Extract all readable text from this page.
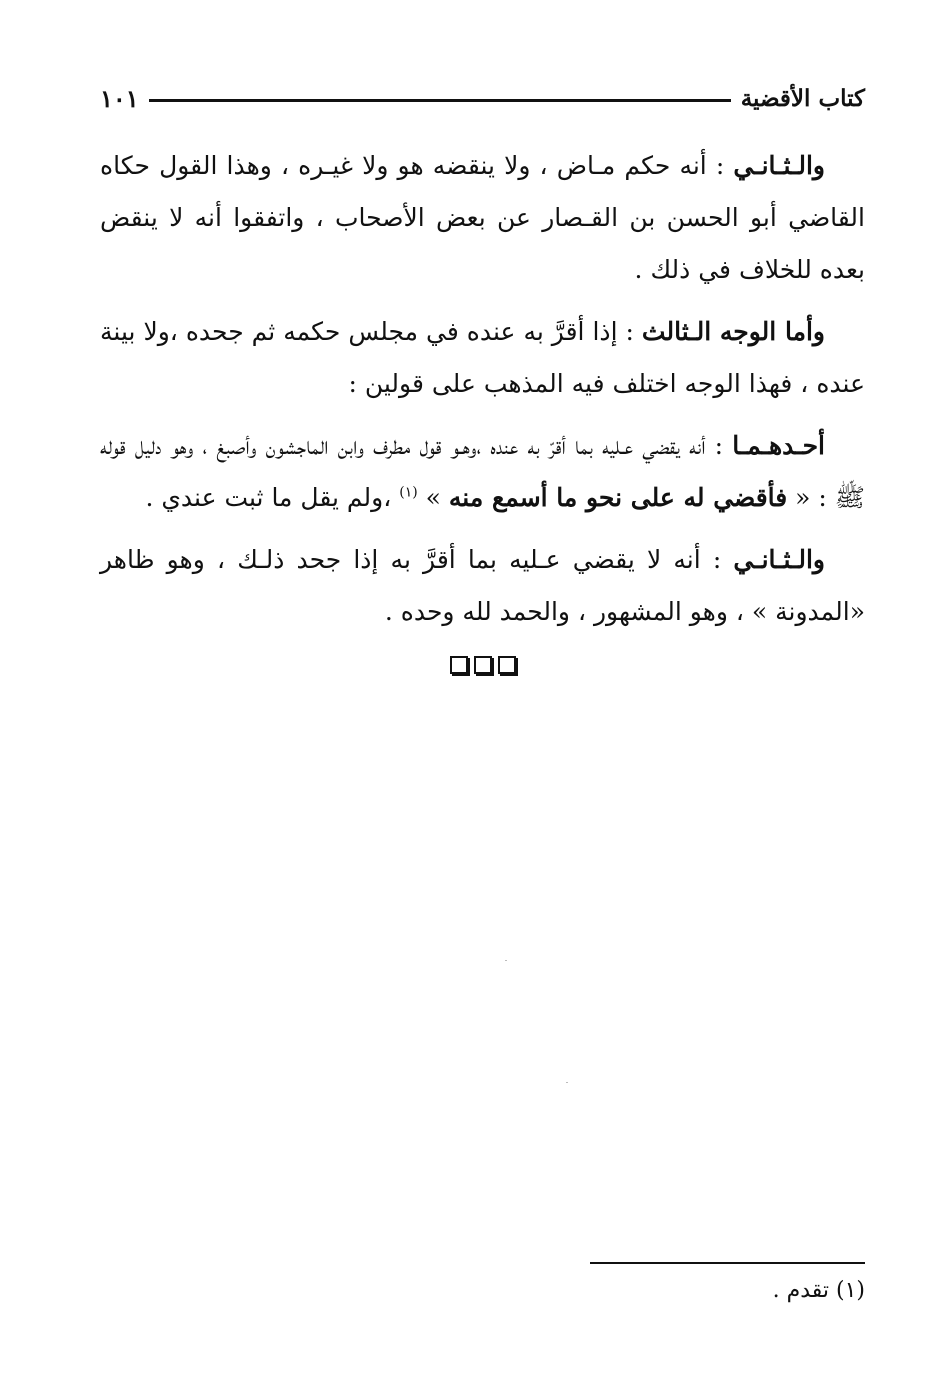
كتاب الأقضية
١٠١

والـثـانـي : أنه حكم مـاض ، ولا ينقضه هو ولا غيـره ، وهذا القول حكاه القاضي أبو الحسن بن القـصار عن بعض الأصحاب ، واتفقوا أنه لا ينقض بعده للخلاف في ذلك .

وأما الوجه الـثالث : إذا أقرَّ به عنده في مجلس حكمه ثم جحده ،ولا بينة عنده ، فهذا الوجه اختلف فيه المذهب على قولين :

أحـدهـمـا : أنه يقضي عـليه بما أقرّ به عنده ،وهـو قول مطرف وابن الماجشون وأصبغ ، وهو دليل قوله ﷺ : « فأقضي له على نحو ما أسمع منه » $^{(١)}$ ،ولم يقل ما ثبت عندي .

والـثـانـي : أنه لا يقضي عـليه بما أقرَّ به إذا جحد ذلـك ، وهو ظاهر «المدونة » ، وهو المشهور ، والحمد لله وحده .

(١) تقدم .
